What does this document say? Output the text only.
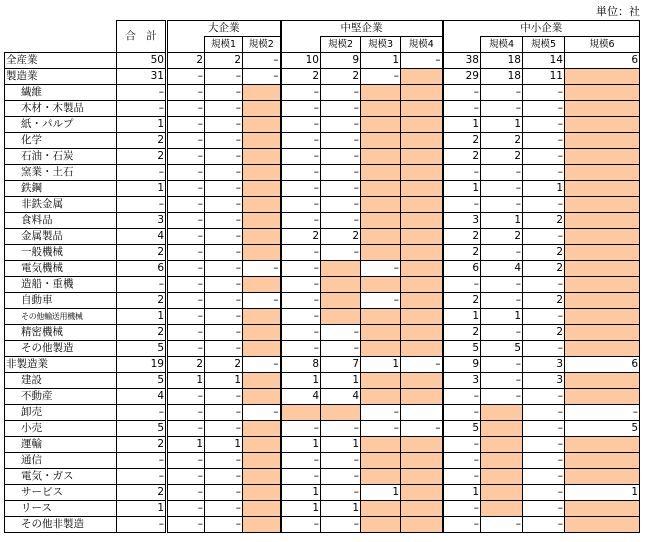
単位：社
	合　計	大企業			中堅企業				中小企業			
			規模1	規模2		規模2	規模3	規模4		規模4	規模5	規模6
全産業	50	2	2	–	10	9	1	–	38	18	14	6
製造業	31	–	–	–	2	2	–		29	18	11	
繊維	–	–	–		–	–			–	–	–	
木材・木製品	–	–	–		–	–			–	–	–	
紙・パルプ	1	–	–		–	–			1	1	–	
化学	2	–	–		–	–			2	2	–	
石油・石炭	2	–	–		–	–			2	2	–	
窯業・土石	–	–	–		–	–			–	–	–	
鉄鋼	1	–	–		–	–			1	–	1	
非鉄金属	–	–	–		–	–			–	–	–	
食料品	3	–	–		–	–			3	1	2	
金属製品	4	–	–		2	2			2	2	–	
一般機械	2	–	–		–	–			2	–	2	
電気機械	6	–	–	–	–		–		6	4	2	
造船・重機	–	–	–		–				–	–	–	
自動車	2	–	–	–	–		–		2	–	2	
その他輸送用機械	1	–	–		–				1	1	–	
精密機械	2	–	–		–	–			2	–	2	
その他製造	5	–	–		–	–			5	5	–	
非製造業	19	2	2	–	8	7	1	–	9	–	3	6
建設	5	1	1		1	1			3	–	3	
不動産	4	–	–		4	4			–	–	–	
卸売	–	–	–	–			–		–		–	–
小売	5	–	–		–	–	–	–	5		–	5
運輸	2	1	1		1	1			–		–	
通信	–	–	–		–	–			–		–	
電気・ガス	–	–	–		–	–			–		–	
サービス	2	–	–		1	–	1		1		–	1
リース	1	–	–		1	1			–		–	
その他非製造	–	–	–		–	–			–	–	–	
